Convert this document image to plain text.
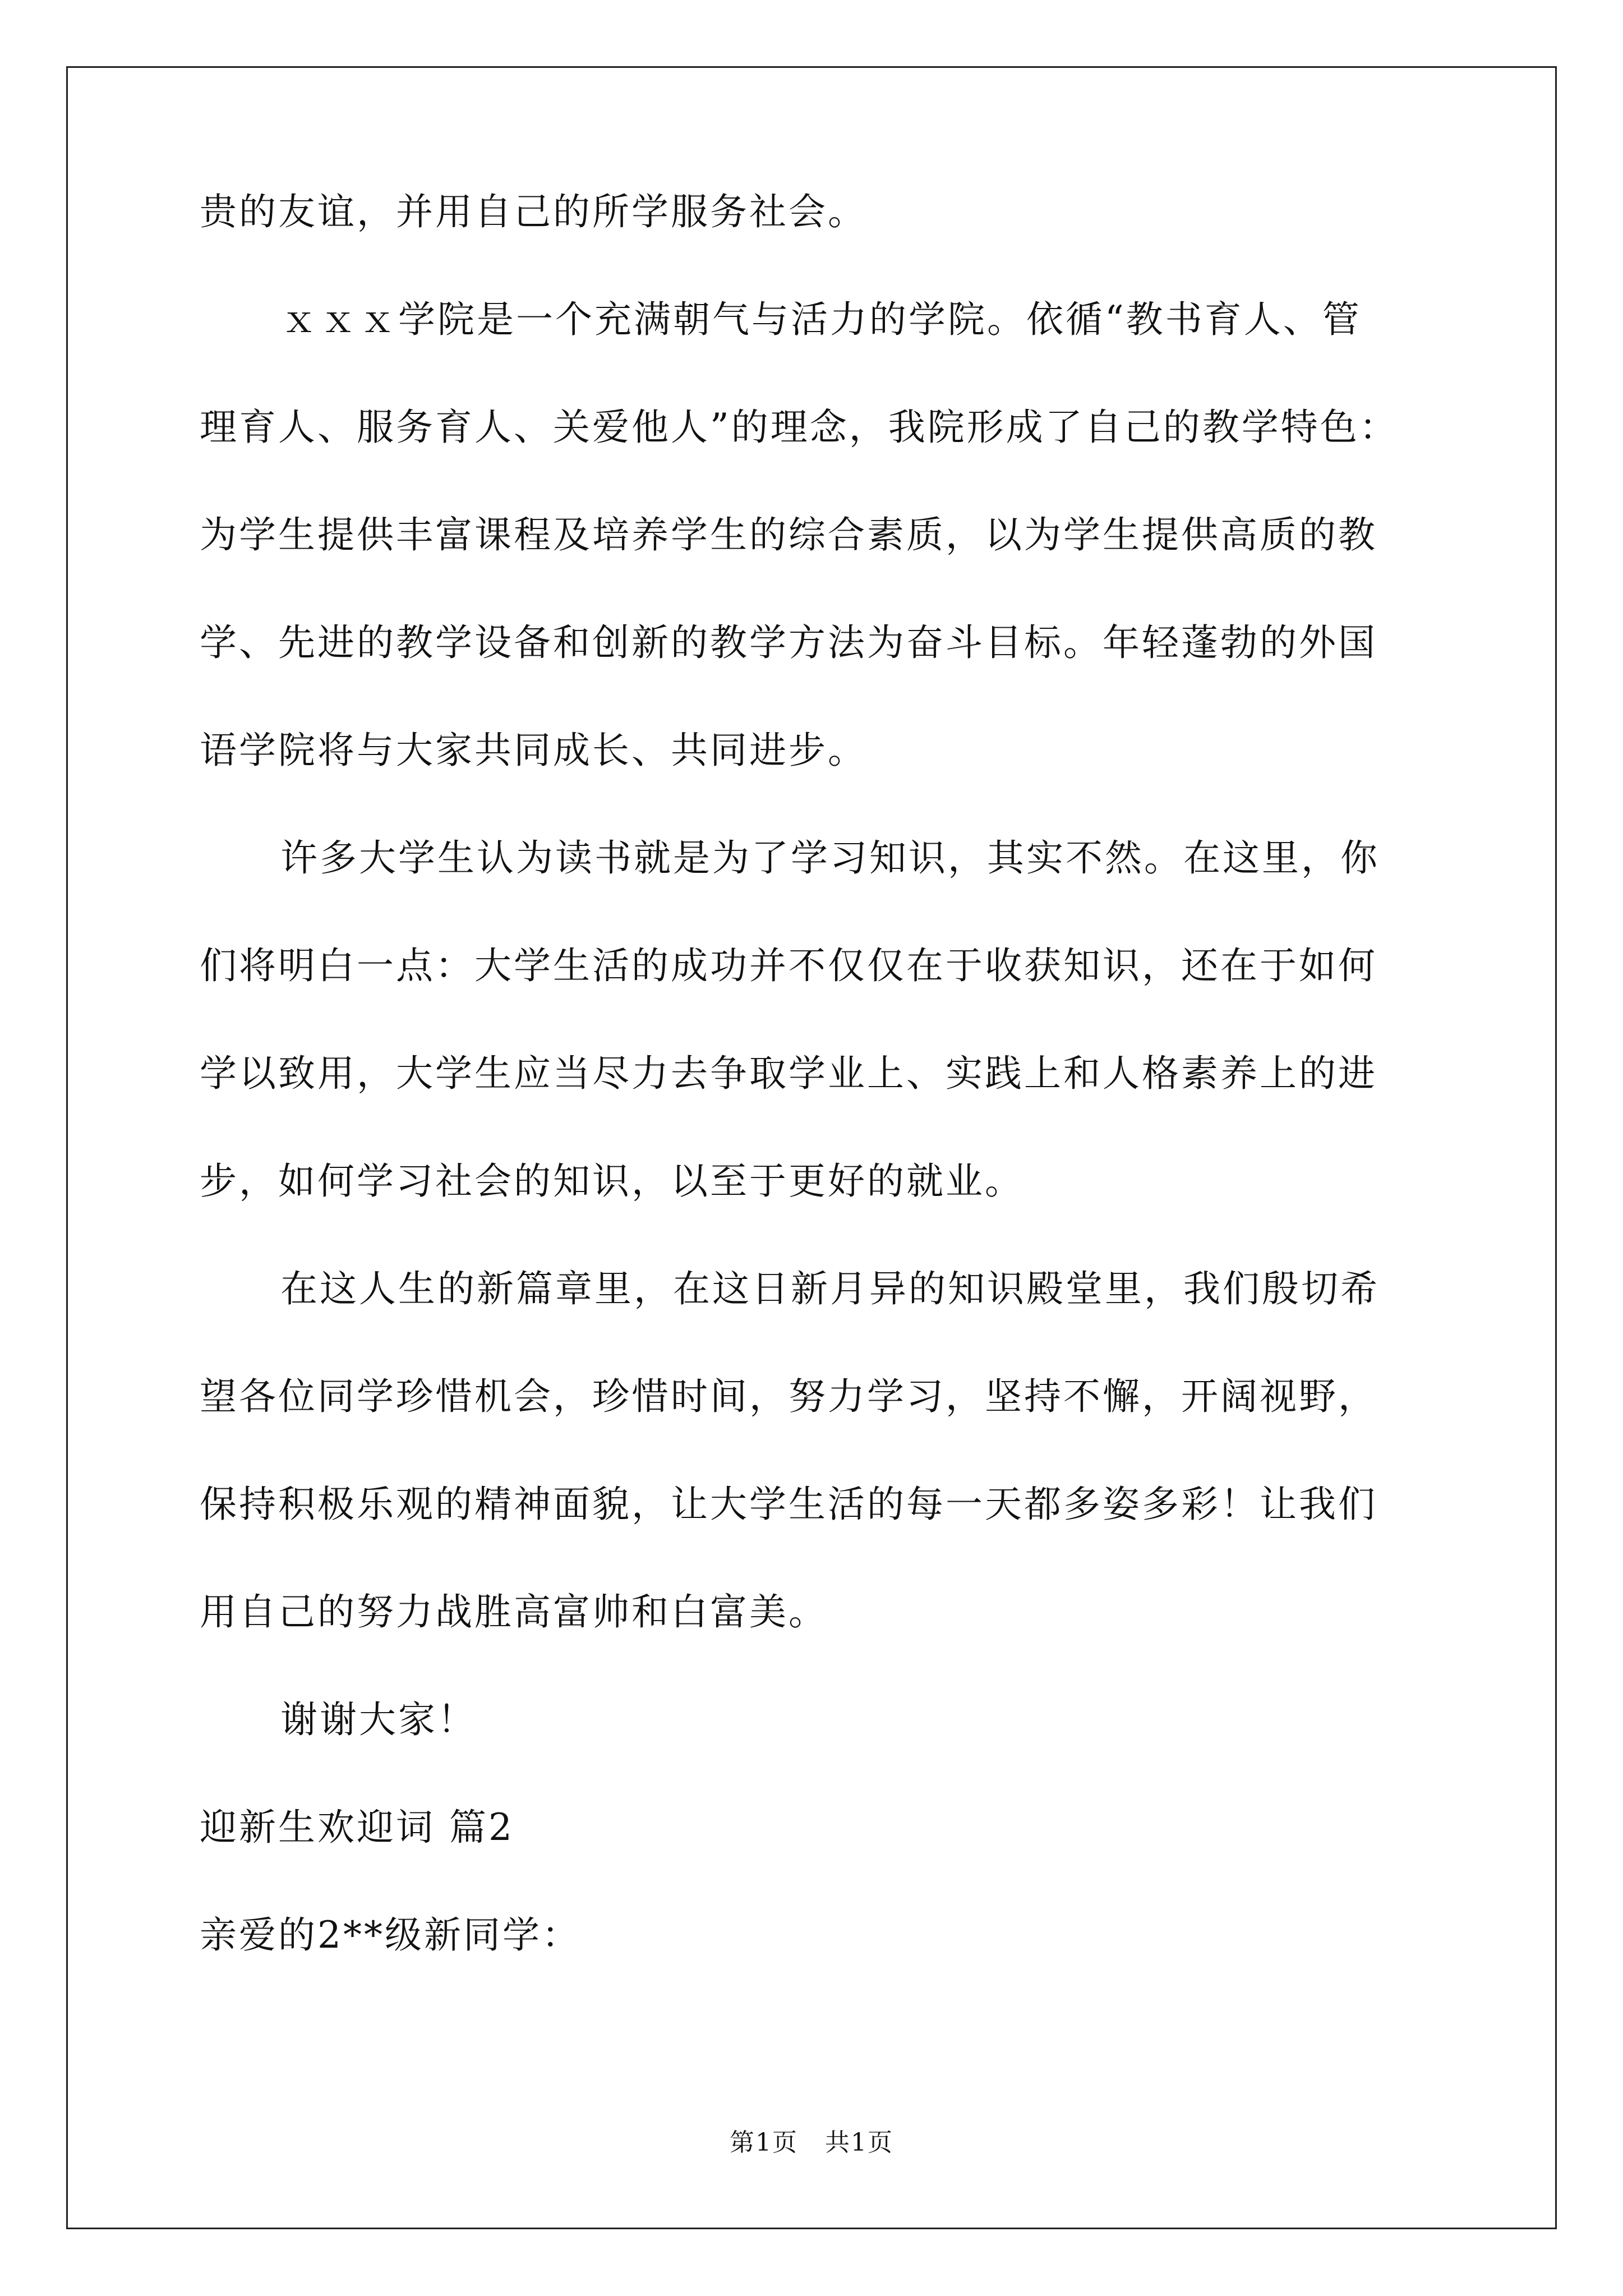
贵的友谊，并用自己的所学服务社会。
ｘｘｘ学院是一个充满朝气与活力的学院。依循“教书育人、管
理育人、服务育人、关爱他人”的理念，我院形成了自己的教学特色：
为学生提供丰富课程及培养学生的综合素质，以为学生提供高质的教
学、先进的教学设备和创新的教学方法为奋斗目标。年轻蓬勃的外国
语学院将与大家共同成长、共同进步。
许多大学生认为读书就是为了学习知识，其实不然。在这里，你
们将明白一点：大学生活的成功并不仅仅在于收获知识，还在于如何
学以致用，大学生应当尽力去争取学业上、实践上和人格素养上的进
步，如何学习社会的知识，以至于更好的就业。
在这人生的新篇章里，在这日新月异的知识殿堂里，我们殷切希
望各位同学珍惜机会，珍惜时间，努力学习，坚持不懈，开阔视野，
保持积极乐观的精神面貌，让大学生活的每一天都多姿多彩！让我们
用自己的努力战胜高富帅和白富美。
谢谢大家！
迎新生欢迎词 篇2
亲爱的2**级新同学：
第1页 共1页
